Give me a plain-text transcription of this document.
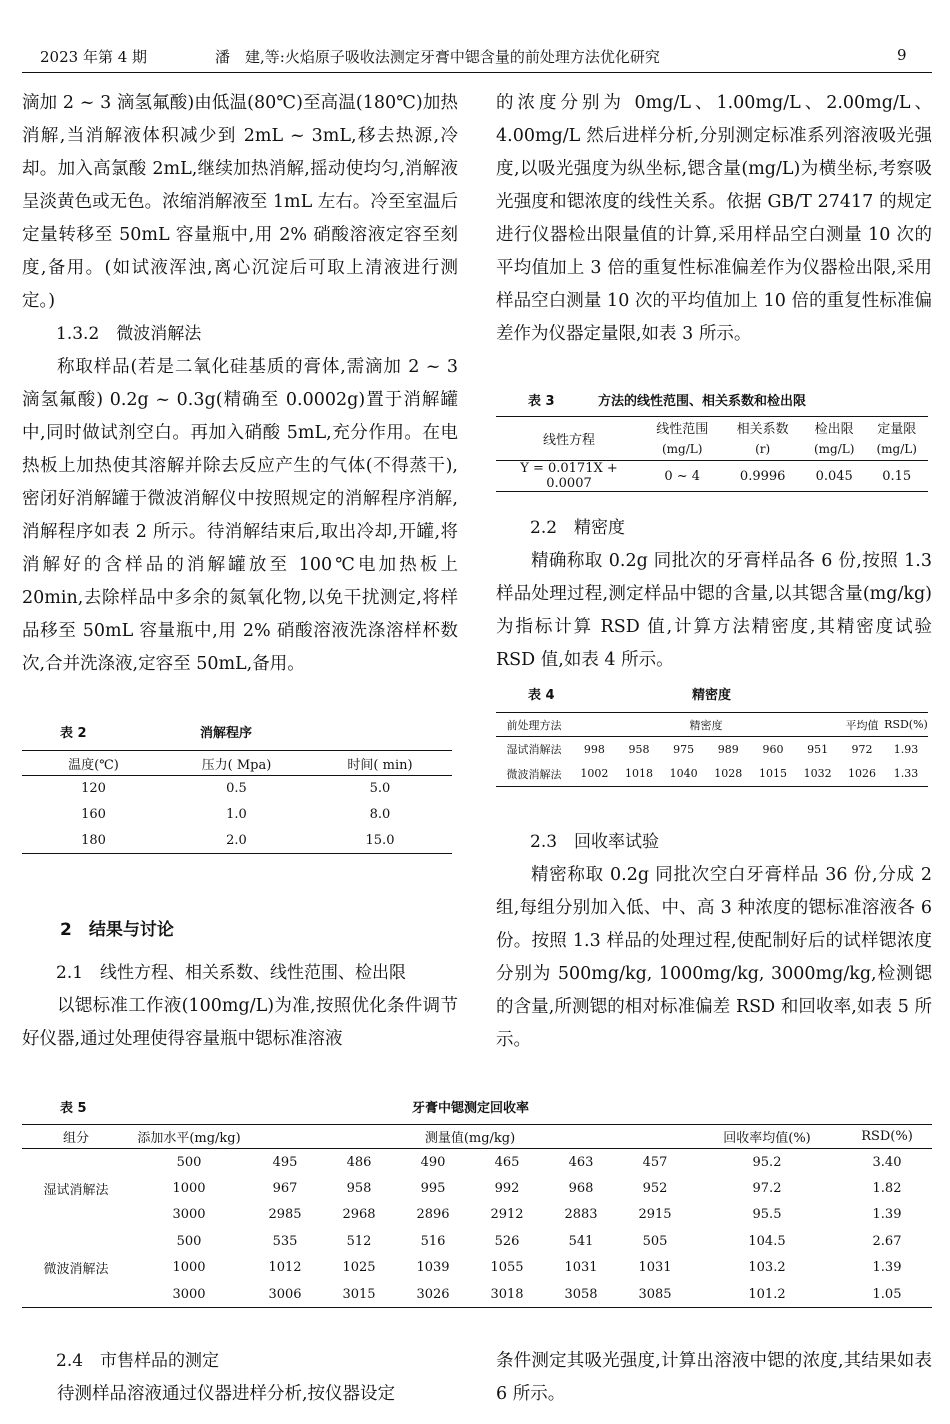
2023 年第 4 期	潘　建,等:火焰原子吸收法测定牙膏中锶含量的前处理方法优化研究	9

滴加 2 ~ 3 滴氢氟酸)由低温(80℃)至高温(180℃)加热消解,当消解液体积减少到 2mL ~ 3mL,移去热源,冷却。加入高氯酸 2mL,继续加热消解,摇动使均匀,消解液呈淡黄色或无色。浓缩消解液至 1mL 左右。冷至室温后定量转移至 50mL 容量瓶中,用 2% 硝酸溶液定容至刻度,备用。(如试液浑浊,离心沉淀后可取上清液进行测定。)

1.3.2　微波消解法

称取样品(若是二氧化硅基质的膏体,需滴加 2 ~ 3 滴氢氟酸) 0.2g ~ 0.3g(精确至 0.0002g)置于消解罐中,同时做试剂空白。再加入硝酸 5mL,充分作用。在电热板上加热使其溶解并除去反应产生的气体(不得蒸干),密闭好消解罐于微波消解仪中按照规定的消解程序消解,消解程序如表 2 所示。待消解结束后,取出冷却,开罐,将消解好的含样品的消解罐放至 100℃电加热板上 20min,去除样品中多余的氮氧化物,以免干扰测定,将样品移至 50mL 容量瓶中,用 2% 硝酸溶液洗涤溶样杯数次,合并洗涤液,定容至 50mL,备用。

表 2	消解程序
温度(℃)	压力( Mpa)	时间( min)
120	0.5	5.0
160	1.0	8.0
180	2.0	15.0
2　结果与讨论

2.1　线性方程、相关系数、线性范围、检出限

以锶标准工作液(100mg/L)为准,按照优化条件调节好仪器,通过处理使得容量瓶中锶标准溶液

的浓度分别为 0mg/L、1.00mg/L、2.00mg/L、4.00mg/L 然后进样分析,分别测定标准系列溶液吸光强度,以吸光强度为纵坐标,锶含量(mg/L)为横坐标,考察吸光强度和锶浓度的线性关系。依据 GB/T 27417 的规定进行仪器检出限量值的计算,采用样品空白测量 10 次的平均值加上 3 倍的重复性标准偏差作为仪器检出限,采用样品空白测量 10 次的平均值加上 10 倍的重复性标准偏差作为仪器定量限,如表 3 所示。

表 3	方法的线性范围、相关系数和检出限
线性方程	线性范围	相关系数	检出限	定量限
	(mg/L)	(r)	(mg/L)	(mg/L)
Y = 0.0171X + 0.0007	0 ~ 4	0.9996	0.045	0.15

2.2　精密度

精确称取 0.2g 同批次的牙膏样品各 6 份,按照 1.3 样品处理过程,测定样品中锶的含量,以其锶含量(mg/kg)为指标计算 RSD 值,计算方法精密度,其精密度试验 RSD 值,如表 4 所示。

表 4	精密度
前处理方法	精密度						平均值	RSD(%)
湿试消解法	998	958	975	989	960	951	972	1.93
微波消解法	1002	1018	1040	1028	1015	1032	1026	1.33

2.3　回收率试验

精密称取 0.2g 同批次空白牙膏样品 36 份,分成 2 组,每组分别加入低、中、高 3 种浓度的锶标准溶液各 6 份。按照 1.3 样品的处理过程,使配制好后的试样锶浓度分别为 500mg/kg, 1000mg/kg, 3000mg/kg,检测锶的含量,所测锶的相对标准偏差 RSD 和回收率,如表 5 所示。

表 5	牙膏中锶测定回收率
组分	添加水平(mg/kg)	测量值(mg/kg)						回收率均值(%)	RSD(%)
湿试消解法	500	495	486	490	465	463	457	95.2	3.40
	1000	967	958	995	992	968	952	97.2	1.82
	3000	2985	2968	2896	2912	2883	2915	95.5	1.39
微波消解法	500	535	512	516	526	541	505	104.5	2.67
	1000	1012	1025	1039	1055	1031	1031	103.2	1.39
	3000	3006	3015	3026	3018	3058	3085	101.2	1.05

2.4　市售样品的测定

待测样品溶液通过仪器进样分析,按仪器设定

条件测定其吸光强度,计算出溶液中锶的浓度,其结果如表 6 所示。
